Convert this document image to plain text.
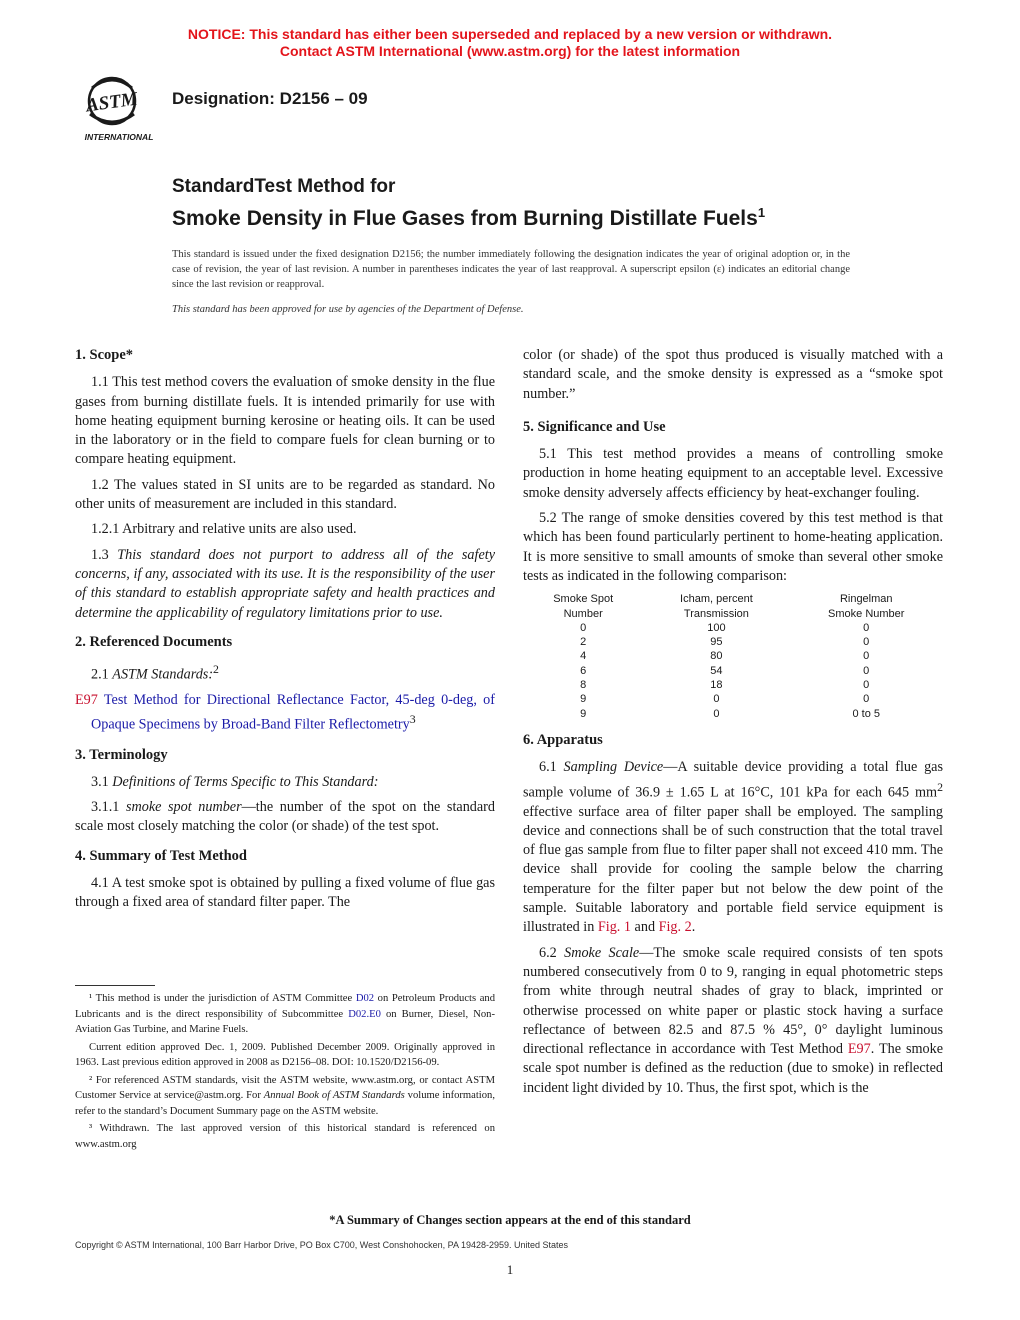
NOTICE: This standard has either been superseded and replaced by a new version or withdrawn.
Contact ASTM International (www.astm.org) for the latest information
ASTM
INTERNATIONAL
Designation: D2156 – 09
StandardTest Method for
Smoke Density in Flue Gases from Burning Distillate Fuels$^1$
This standard is issued under the fixed designation D2156; the number immediately following the designation indicates the year of original adoption or, in the case of revision, the year of last revision. A number in parentheses indicates the year of last reapproval. A superscript epsilon (ε) indicates an editorial change since the last revision or reapproval.
This standard has been approved for use by agencies of the Department of Defense.
1. Scope*

1.1 This test method covers the evaluation of smoke density in the flue gases from burning distillate fuels. It is intended primarily for use with home heating equipment burning kerosine or heating oils. It can be used in the laboratory or in the field to compare fuels for clean burning or to compare heating equipment.

1.2 The values stated in SI units are to be regarded as standard. No other units of measurement are included in this standard.

1.2.1 Arbitrary and relative units are also used.

1.3 This standard does not purport to address all of the safety concerns, if any, associated with its use. It is the responsibility of the user of this standard to establish appropriate safety and health practices and determine the applicability of regulatory limitations prior to use.

2. Referenced Documents

2.1 ASTM Standards:$^2$

E97 Test Method for Directional Reflectance Factor, 45-deg 0-deg, of Opaque Specimens by Broad-Band Filter Reflectometry$^3$

3. Terminology

3.1 Definitions of Terms Specific to This Standard:

3.1.1 smoke spot number—the number of the spot on the standard scale most closely matching the color (or shade) of the test spot.

4. Summary of Test Method

4.1 A test smoke spot is obtained by pulling a fixed volume of flue gas through a fixed area of standard filter paper. The

color (or shade) of the spot thus produced is visually matched with a standard scale, and the smoke density is expressed as a “smoke spot number.”

5. Significance and Use

5.1 This test method provides a means of controlling smoke production in home heating equipment to an acceptable level. Excessive smoke density adversely affects efficiency by heat-exchanger fouling.

5.2 The range of smoke densities covered by this test method is that which has been found particularly pertinent to home-heating application. It is more sensitive to small amounts of smoke than several other smoke tests as indicated in the following comparison:

Smoke Spot	Icham, percent	Ringelman
Number	Transmission	Smoke Number
0	100	0
2	95	0
4	80	0
6	54	0
8	18	0
9	0	0
9	0	0 to 5
6. Apparatus

6.1 Sampling Device—A suitable device providing a total flue gas sample volume of 36.9 ± 1.65 L at 16°C, 101 kPa for each 645 $mm^2$ effective surface area of filter paper shall be employed. The sampling device and connections shall be of such construction that the total travel of flue gas sample from flue to filter paper shall not exceed 410 mm. The device shall provide for cooling the sample below the charring temperature for the filter paper but not below the dew point of the sample. Suitable laboratory and portable field service equipment is illustrated in Fig. 1 and Fig. 2.

6.2 Smoke Scale—The smoke scale required consists of ten spots numbered consecutively from 0 to 9, ranging in equal photometric steps from white through neutral shades of gray to black, imprinted or otherwise processed on white paper or plastic stock having a surface reflectance of between 82.5 and 87.5 % 45°, 0° daylight luminous directional reflectance in accordance with Test Method E97. The smoke scale spot number is defined as the reduction (due to smoke) in reflected incident light divided by 10. Thus, the first spot, which is the

¹ This method is under the jurisdiction of ASTM Committee D02 on Petroleum Products and Lubricants and is the direct responsibility of Subcommittee D02.E0 on Burner, Diesel, Non-Aviation Gas Turbine, and Marine Fuels.

Current edition approved Dec. 1, 2009. Published December 2009. Originally approved in 1963. Last previous edition approved in 2008 as D2156–08. DOI: 10.1520/D2156-09.

² For referenced ASTM standards, visit the ASTM website, www.astm.org, or contact ASTM Customer Service at service@astm.org. For Annual Book of ASTM Standards volume information, refer to the standard’s Document Summary page on the ASTM website.

³ Withdrawn. The last approved version of this historical standard is referenced on www.astm.org

*A Summary of Changes section appears at the end of this standard
Copyright © ASTM International, 100 Barr Harbor Drive, PO Box C700, West Conshohocken, PA 19428-2959. United States
1
